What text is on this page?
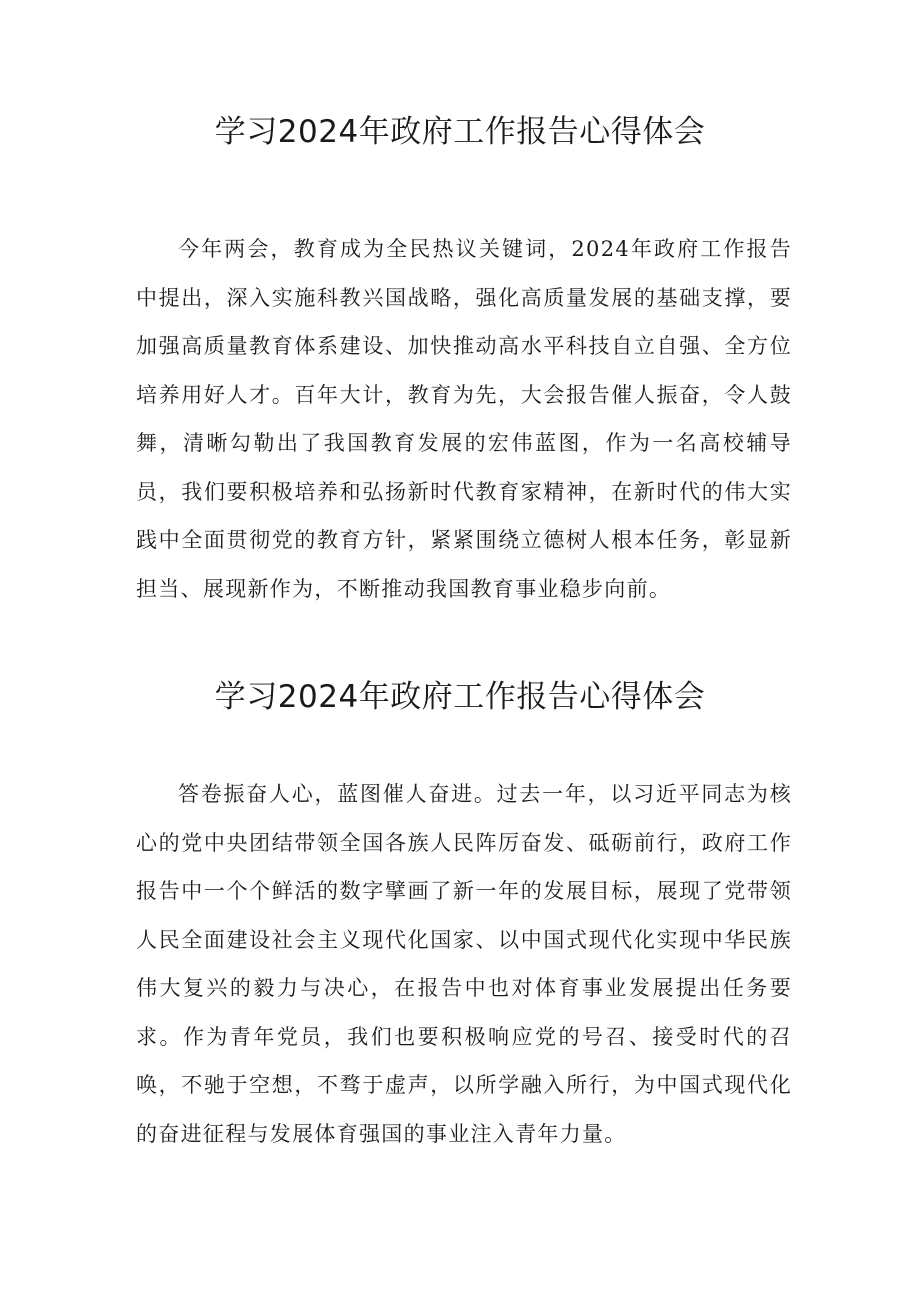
学习2024年政府工作报告心得体会

今年两会，教育成为全民热议关键词，2024年政府工作报告中提出，深入实施科教兴国战略，强化高质量发展的基础支撑，要加强高质量教育体系建设、加快推动高水平科技自立自强、全方位培养用好人才。百年大计，教育为先，大会报告催人振奋，令人鼓舞，清晰勾勒出了我国教育发展的宏伟蓝图，作为一名高校辅导员，我们要积极培养和弘扬新时代教育家精神，在新时代的伟大实践中全面贯彻党的教育方针，紧紧围绕立德树人根本任务，彰显新担当、展现新作为，不断推动我国教育事业稳步向前。

学习2024年政府工作报告心得体会

答卷振奋人心，蓝图催人奋进。过去一年，以习近平同志为核心的党中央团结带领全国各族人民阵厉奋发、砥砺前行，政府工作报告中一个个鲜活的数字擘画了新一年的发展目标，展现了党带领人民全面建设社会主义现代化国家、以中国式现代化实现中华民族伟大复兴的毅力与决心，在报告中也对体育事业发展提出任务要求。作为青年党员，我们也要积极响应党的号召、接受时代的召唤，不驰于空想，不骛于虚声，以所学融入所行，为中国式现代化的奋进征程与发展体育强国的事业注入青年力量。
